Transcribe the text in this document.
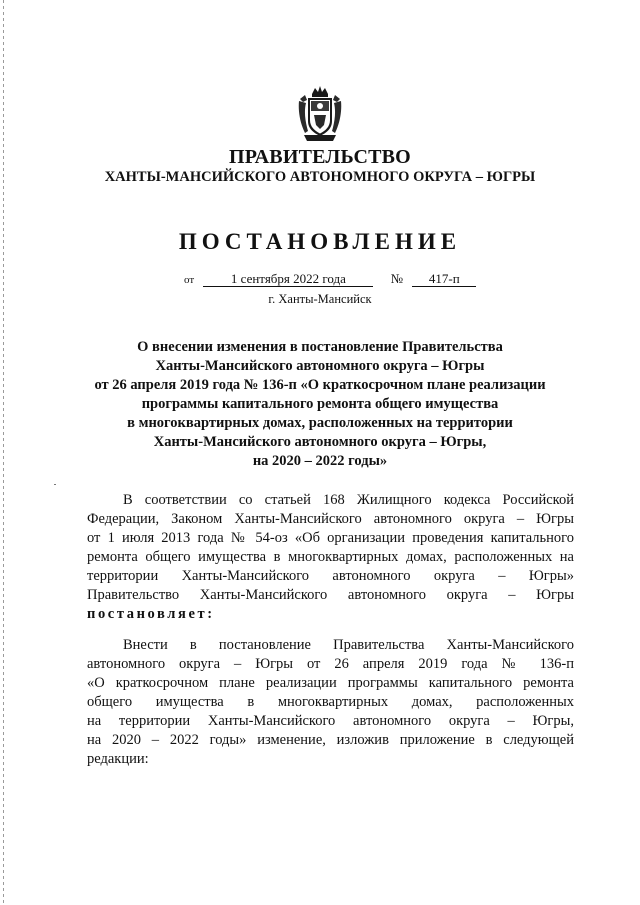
ПРАВИТЕЛЬСТВО
ХАНТЫ-МАНСИЙСКОГО АВТОНОМНОГО ОКРУГА – ЮГРЫ
ПОСТАНОВЛЕНИЕ
от	1 сентября 2022 года	№ 417-п
г. Ханты-Мансийск
О внесении изменения в постановление Правительства
Ханты-Мансийского автономного округа – Югры
от 26 апреля 2019 года № 136-п «О краткосрочном плане реализации
программы капитального ремонта общего имущества
в многоквартирных домах, расположенных на территории
Ханты-Мансийского автономного округа – Югры,
на 2020 – 2022 годы»
В соответствии со статьей 168 Жилищного кодекса Российской
Федерации, Законом Ханты-Мансийского автономного округа – Югры
от 1 июля 2013 года № 54-оз «Об организации проведения капитального
ремонта общего имущества в многоквартирных домах, расположенных на
территории Ханты-Мансийского автономного округа – Югры»
Правительство Ханты-Мансийского автономного округа – Югры
постановляет:
Внести в постановление Правительства Ханты-Мансийского
автономного округа – Югры от 26 апреля 2019 года № 136-п
«О краткосрочном плане реализации программы капитального ремонта
общего имущества в многоквартирных домах, расположенных
на территории Ханты-Мансийского автономного округа – Югры,
на 2020 – 2022 годы» изменение, изложив приложение в следующей
редакции:
